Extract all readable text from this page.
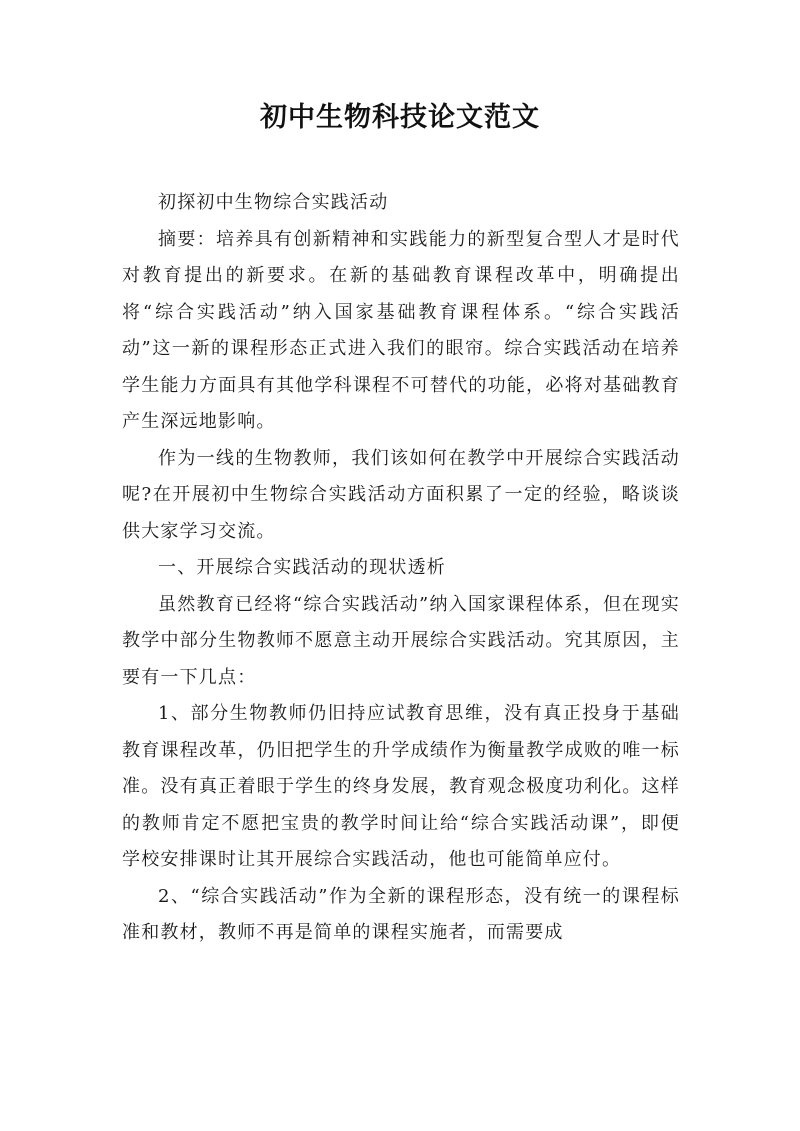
初中生物科技论文范文

初探初中生物综合实践活动

摘要：培养具有创新精神和实践能力的新型复合型人才是时代对教育提出的新要求。在新的基础教育课程改革中，明确提出将“综合实践活动”纳入国家基础教育课程体系。“综合实践活动”这一新的课程形态正式进入我们的眼帘。综合实践活动在培养学生能力方面具有其他学科课程不可替代的功能，必将对基础教育产生深远地影响。

作为一线的生物教师，我们该如何在教学中开展综合实践活动呢?在开展初中生物综合实践活动方面积累了一定的经验，略谈谈供大家学习交流。

一、开展综合实践活动的现状透析

虽然教育已经将“综合实践活动”纳入国家课程体系，但在现实教学中部分生物教师不愿意主动开展综合实践活动。究其原因，主要有一下几点：

1、部分生物教师仍旧持应试教育思维，没有真正投身于基础教育课程改革，仍旧把学生的升学成绩作为衡量教学成败的唯一标准。没有真正着眼于学生的终身发展，教育观念极度功利化。这样的教师肯定不愿把宝贵的教学时间让给“综合实践活动课”，即便学校安排课时让其开展综合实践活动，他也可能简单应付。

2、“综合实践活动”作为全新的课程形态，没有统一的课程标准和教材，教师不再是简单的课程实施者，而需要成
